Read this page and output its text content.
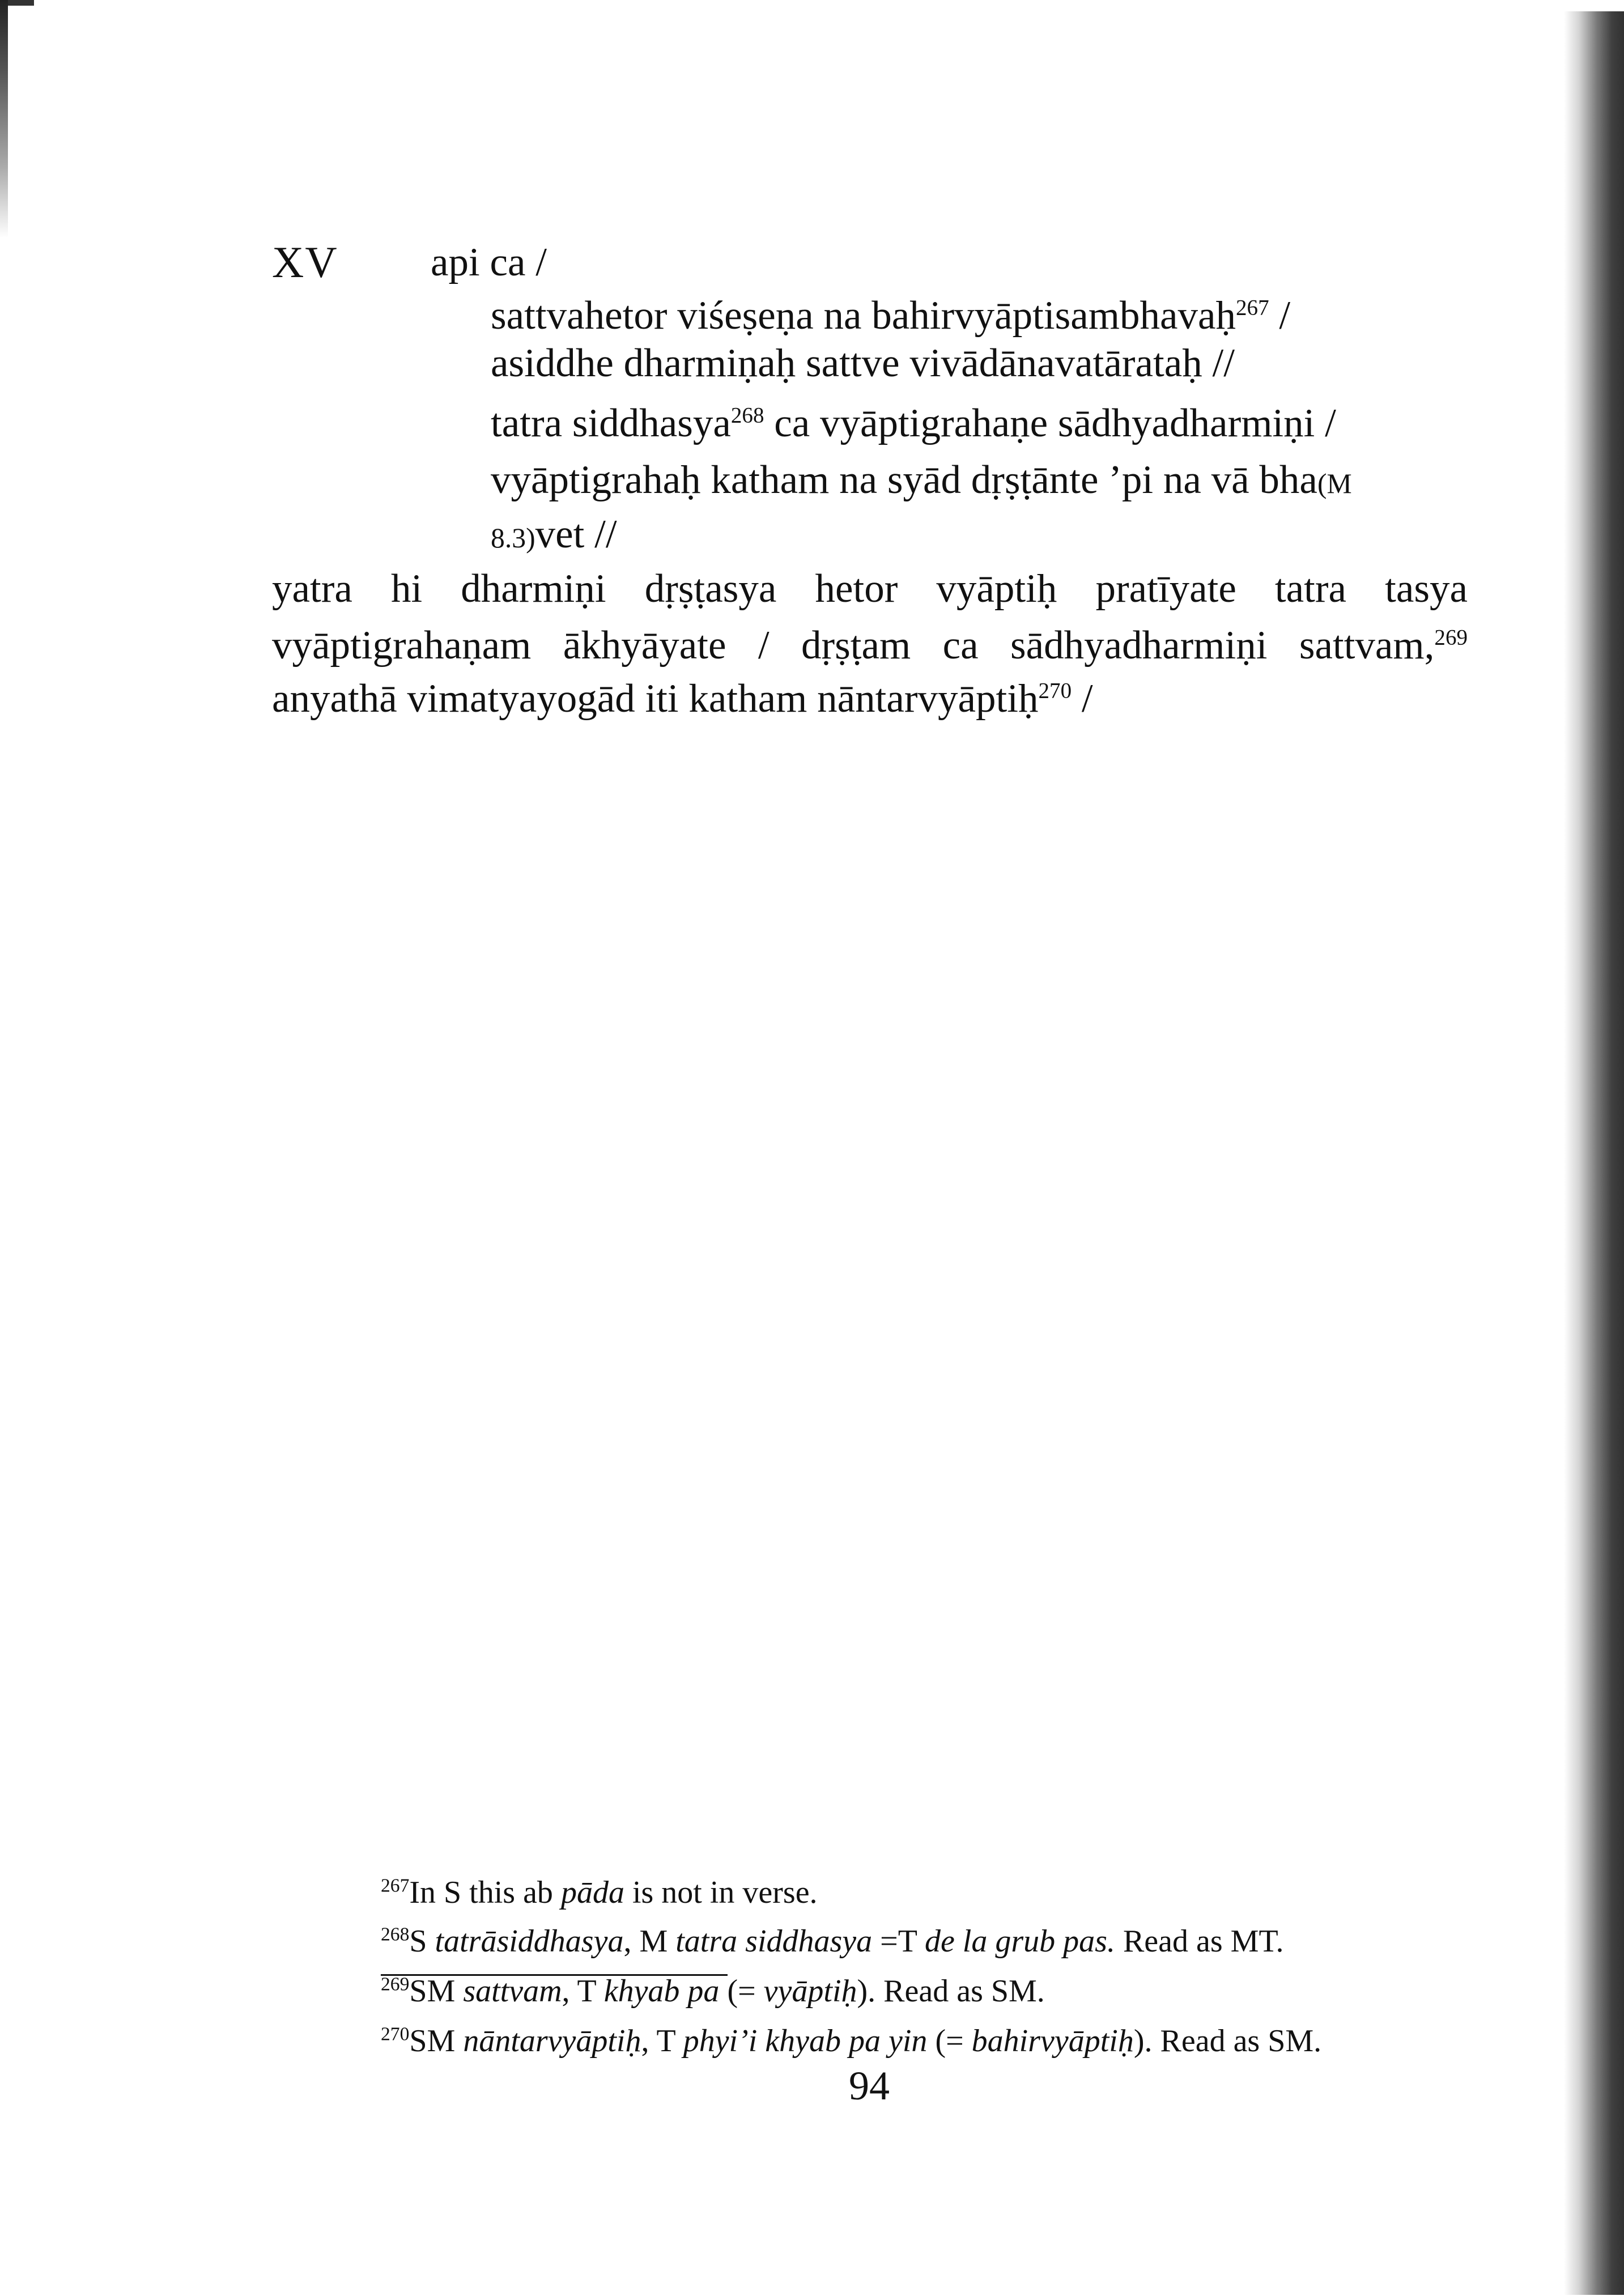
XV api ca /
sattvahetor viśeṣeṇa na bahirvyāptisambhavaḥ$^{267}$ /
asiddhe dharmiṇaḥ sattve vivādānavatārataḥ //
tatra siddhasya$^{268}$ ca vyāptigrahaṇe sādhyadharmiṇi /
vyāptigrahaḥ katham na syād dṛṣṭānte ’pi na vā bha(M
8.3)vet //
yatra hi dharmiṇi dṛṣṭasya hetor vyāptiḥ pratīyate tatra tasya
vyāptigrahaṇam ākhyāyate / dṛṣṭam ca sādhyadharmiṇi sattvam,$^{269}$
anyathā vimatyayogād iti katham nāntarvyāptiḥ$^{270}$ /
$^{267}$In S this ab pāda is not in verse.
$^{268}$S tatrāsiddhasya, M tatra siddhasya =T de la grub pas. Read as MT.
$^{269}$SM sattvam, T khyab pa (= vyāptiḥ). Read as SM.
$^{270}$SM nāntarvyāptiḥ, T phyi’i khyab pa yin (= bahirvyāptiḥ). Read as SM.
94
